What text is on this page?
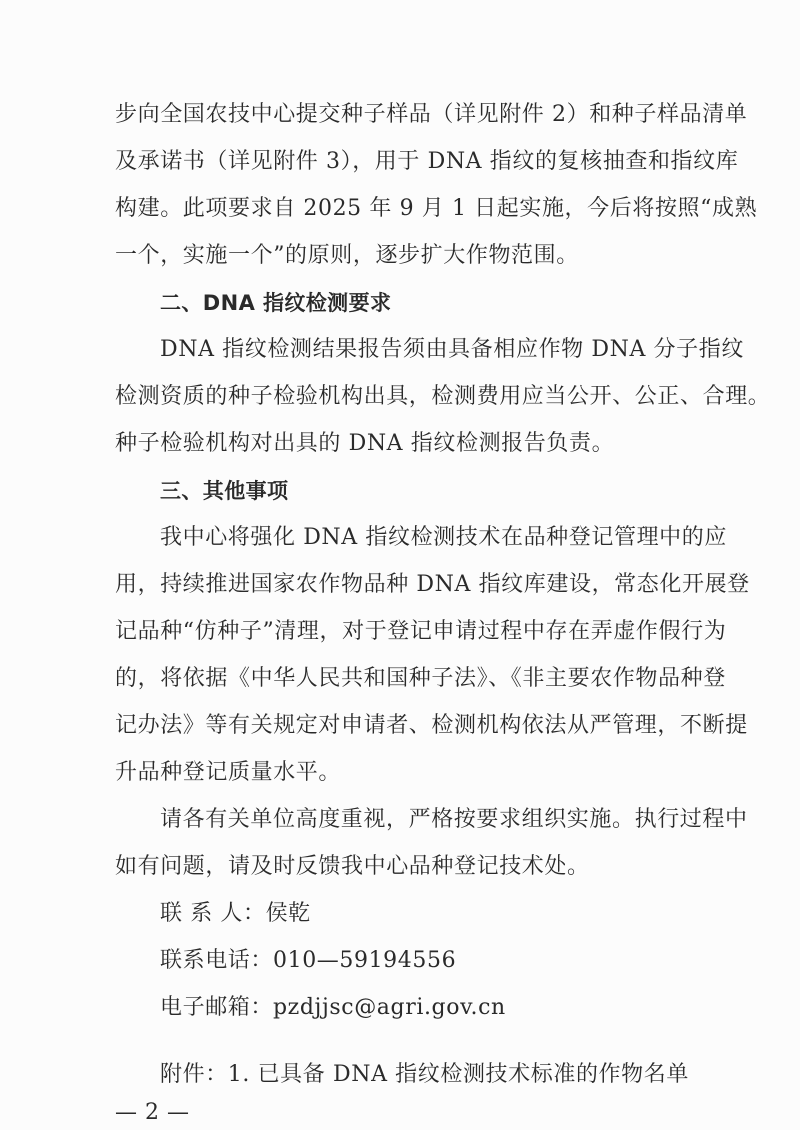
步向全国农技中心提交种子样品（详见附件 2）和种子样品清单
及承诺书（详见附件 3），用于 DNA 指纹的复核抽查和指纹库
构建。此项要求自 2025 年 9 月 1 日起实施，今后将按照“成熟
一个，实施一个”的原则，逐步扩大作物范围。
二、DNA 指纹检测要求
DNA 指纹检测结果报告须由具备相应作物 DNA 分子指纹
检测资质的种子检验机构出具，检测费用应当公开、公正、合理。
种子检验机构对出具的 DNA 指纹检测报告负责。
三、其他事项
我中心将强化 DNA 指纹检测技术在品种登记管理中的应
用，持续推进国家农作物品种 DNA 指纹库建设，常态化开展登
记品种“仿种子”清理，对于登记申请过程中存在弄虚作假行为
的，将依据《中华人民共和国种子法》、《非主要农作物品种登
记办法》等有关规定对申请者、检测机构依法从严管理，不断提
升品种登记质量水平。
请各有关单位高度重视，严格按要求组织实施。执行过程中
如有问题，请及时反馈我中心品种登记技术处。
联 系 人：侯乾
联系电话：010—59194556
电子邮箱：pzdjjsc@agri.gov.cn
附件：1. 已具备 DNA 指纹检测技术标准的作物名单
— 2 —
